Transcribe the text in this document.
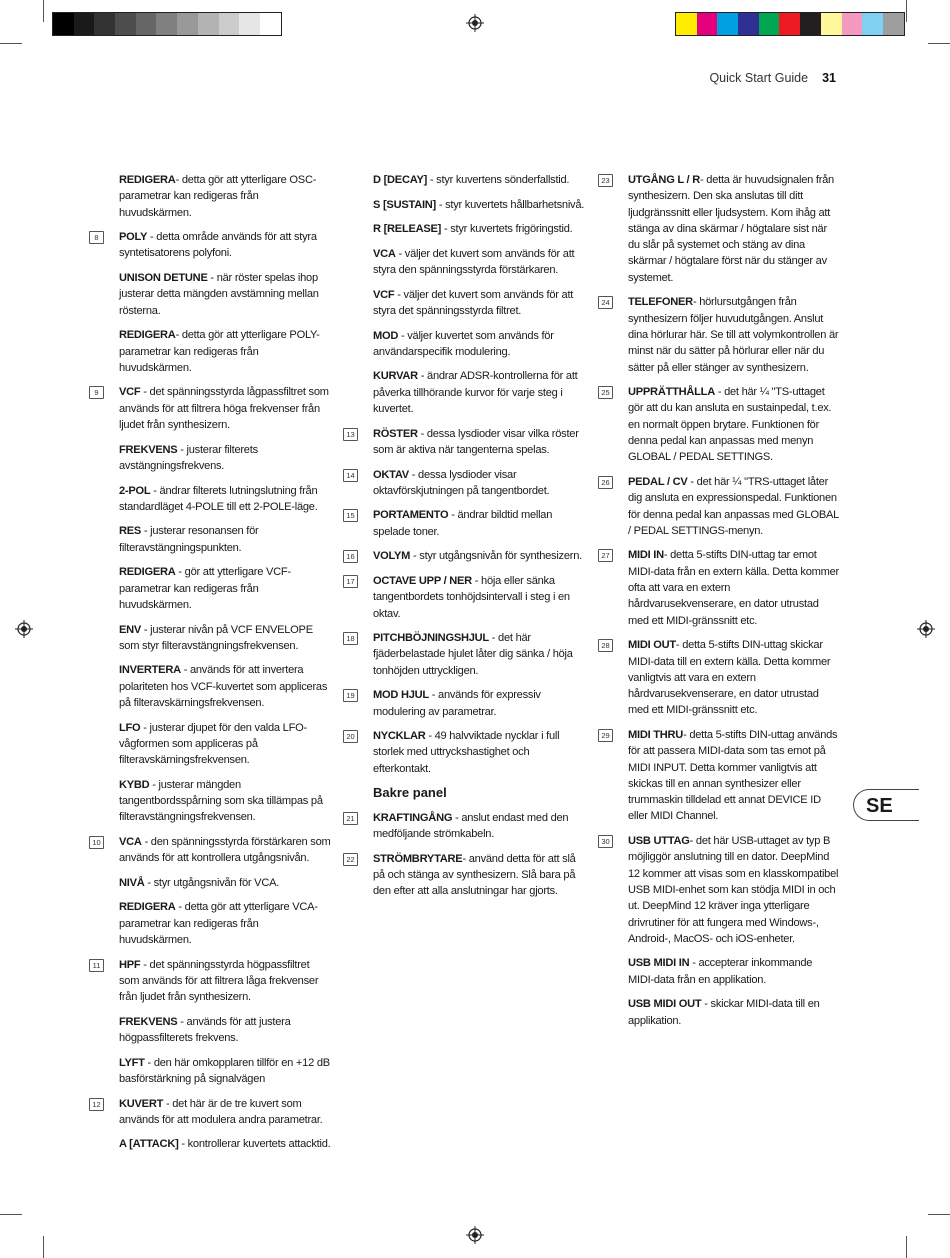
Quick Start Guide 31
REDIGERA- detta gör att ytterligare OSC-parametrar kan redigeras från huvudskärmen.
8	POLY - detta område används för att styra syntetisatorens polyfoni.
UNISON DETUNE - när röster spelas ihop justerar detta mängden avstämning mellan rösterna.
REDIGERA- detta gör att ytterligare POLY-parametrar kan redigeras från huvudskärmen.
9	VCF - det spänningsstyrda lågpassfiltret som används för att filtrera höga frekvenser från ljudet från synthesizern.
FREKVENS - justerar filterets avstängningsfrekvens.
2-POL - ändrar filterets lutningslutning från standardläget 4-POLE till ett 2-POLE-läge.
RES - justerar resonansen för filteravstängningspunkten.
REDIGERA - gör att ytterligare VCF-parametrar kan redigeras från huvudskärmen.
ENV - justerar nivån på VCF ENVELOPE som styr filteravstängningsfrekvensen.
INVERTERA - används för att invertera polariteten hos VCF-kuvertet som appliceras på filteravskärningsfrekvensen.
LFO - justerar djupet för den valda LFO-vågformen som appliceras på filteravskärningsfrekvensen.
KYBD - justerar mängden tangentbordsspårning som ska tillämpas på filteravstängningsfrekvensen.
10 VCA - den spänningsstyrda förstärkaren som används för att kontrollera utgångsnivån.
NIVÅ - styr utgångsnivån för VCA.
REDIGERA - detta gör att ytterligare VCA-parametrar kan redigeras från huvudskärmen.
11	HPF - det spänningsstyrda högpassfiltret som används för att filtrera låga frekvenser från ljudet från synthesizern.
FREKVENS - används för att justera högpassfilterets frekvens.
LYFT - den här omkopplaren tillför en +12 dB basförstärkning på signalvägen
12 KUVERT - det här är de tre kuvert som används för att modulera andra parametrar.
A [ATTACK] - kontrollerar kuvertets attacktid.
D [DECAY] - styr kuvertens sönderfallstid.
S [SUSTAIN] - styr kuvertets hållbarhetsnivå.
R [RELEASE] - styr kuvertets frigöringstid.
VCA - väljer det kuvert som används för att styra den spänningsstyrda förstärkaren.
VCF - väljer det kuvert som används för att styra det spänningsstyrda filtret.
MOD - väljer kuvertet som används för användarspecifik modulering.
KURVAR - ändrar ADSR-kontrollerna för att påverka tillhörande kurvor för varje steg i kuvertet.
13 RÖSTER - dessa lysdioder visar vilka röster som är aktiva när tangenterna spelas.
14 OKTAV - dessa lysdioder visar oktavförskjutningen på tangentbordet.
15 PORTAMENTO - ändrar bildtid mellan spelade toner.
16 VOLYM - styr utgångsnivån för synthesizern.
17 OCTAVE UPP / NER - höja eller sänka tangentbordets tonhöjdsintervall i steg i en oktav.
18 PITCHBÖJNINGSHJUL - det här fjäderbelastade hjulet låter dig sänka / höja tonhöjden uttryckligen.
19 MOD HJUL - används för expressiv modulering av parametrar.
20 NYCKLAR - 49 halvviktade nycklar i full storlek med uttryckshastighet och efterkontakt.
Bakre panel
21 KRAFTINGÅNG - anslut endast med den medföljande strömkabeln.
22 STRÖMBRYTARE- använd detta för att slå på och stänga av synthesizern. Slå bara på den efter att alla anslutningar har gjorts.
23 UTGÅNG L / R- detta är huvudsignalen från synthesizern. Den ska anslutas till ditt ljudgränssnitt eller ljudsystem. Kom ihåg att stänga av dina skärmar / högtalare sist när du slår på systemet och stäng av dina skärmar / högtalare först när du stänger av systemet.
24 TELEFONER- hörlursutgången från synthesizern följer huvudutgången. Anslut dina hörlurar här. Se till att volymkontrollen är minst när du sätter på hörlurar eller när du sätter på eller stänger av synthesizern.
25 UPPRÄTTHÅLLA - det här ¼ "TS-uttaget gör att du kan ansluta en sustainpedal, t.ex. en normalt öppen brytare. Funktionen för denna pedal kan anpassas med menyn GLOBAL / PEDAL SETTINGS.
26 PEDAL / CV - det här ¼ "TRS-uttaget låter dig ansluta en expressionspedal. Funktionen för denna pedal kan anpassas med GLOBAL / PEDAL SETTINGS-menyn.
27 MIDI IN- detta 5-stifts DIN-uttag tar emot MIDI-data från en extern källa. Detta kommer ofta att vara en extern hårdvarusekvenserare, en dator utrustad med ett MIDI-gränssnitt etc.
28 MIDI OUT- detta 5-stifts DIN-uttag skickar MIDI-data till en extern källa. Detta kommer vanligtvis att vara en extern hårdvarusekvenserare, en dator utrustad med ett MIDI-gränssnitt etc.
29 MIDI THRU- detta 5-stifts DIN-uttag används för att passera MIDI-data som tas emot på MIDI INPUT. Detta kommer vanligtvis att skickas till en annan synthesizer eller trummaskin tilldelad ett annat DEVICE ID eller MIDI Channel.
30 USB UTTAG- det här USB-uttaget av typ B möjliggör anslutning till en dator. DeepMind 12 kommer att visas som en klasskompatibel USB MIDI-enhet som kan stödja MIDI in och ut. DeepMind 12 kräver inga ytterligare drivrutiner för att fungera med Windows-, Android-, MacOS- och iOS-enheter.
USB MIDI IN - accepterar inkommande MIDI-data från en applikation.
USB MIDI OUT - skickar MIDI-data till en applikation.
SE
